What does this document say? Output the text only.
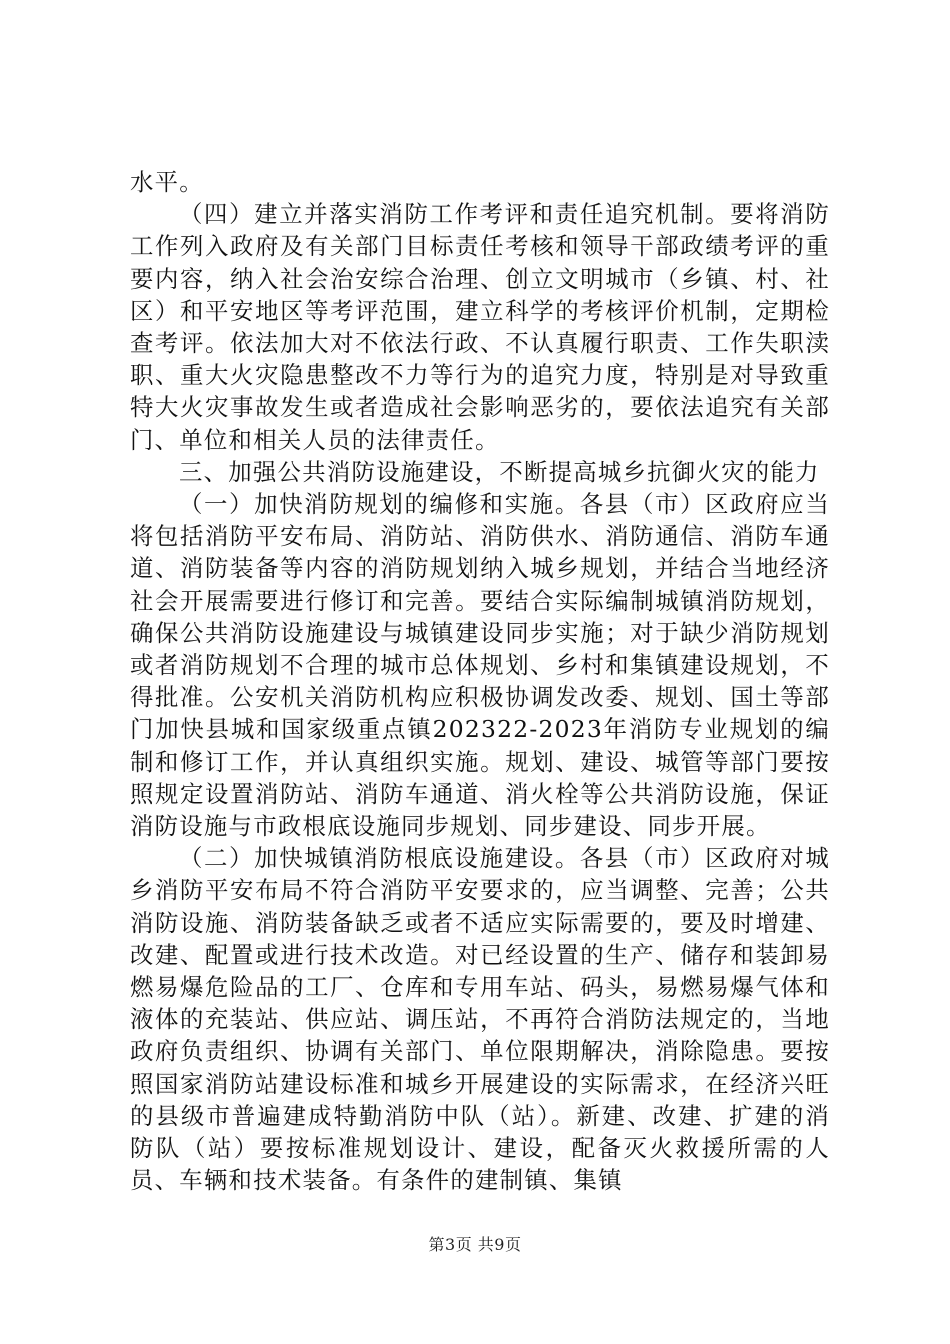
水平。

（四）建立并落实消防工作考评和责任追究机制。要将消防工作列入政府及有关部门目标责任考核和领导干部政绩考评的重要内容，纳入社会治安综合治理、创立文明城市（乡镇、村、社区）和平安地区等考评范围，建立科学的考核评价机制，定期检查考评。依法加大对不依法行政、不认真履行职责、工作失职渎职、重大火灾隐患整改不力等行为的追究力度，特别是对导致重特大火灾事故发生或者造成社会影响恶劣的，要依法追究有关部门、单位和相关人员的法律责任。

三、加强公共消防设施建设，不断提高城乡抗御火灾的能力

（一）加快消防规划的编修和实施。各县（市）区政府应当将包括消防平安布局、消防站、消防供水、消防通信、消防车通道、消防装备等内容的消防规划纳入城乡规划，并结合当地经济社会开展需要进行修订和完善。要结合实际编制城镇消防规划，确保公共消防设施建设与城镇建设同步实施；对于缺少消防规划或者消防规划不合理的城市总体规划、乡村和集镇建设规划，不得批准。公安机关消防机构应积极协调发改委、规划、国土等部门加快县城和国家级重点镇202322-2023年消防专业规划的编制和修订工作，并认真组织实施。规划、建设、城管等部门要按照规定设置消防站、消防车通道、消火栓等公共消防设施，保证消防设施与市政根底设施同步规划、同步建设、同步开展。

（二）加快城镇消防根底设施建设。各县（市）区政府对城乡消防平安布局不符合消防平安要求的，应当调整、完善；公共消防设施、消防装备缺乏或者不适应实际需要的，要及时增建、改建、配置或进行技术改造。对已经设置的生产、储存和装卸易燃易爆危险品的工厂、仓库和专用车站、码头，易燃易爆气体和液体的充装站、供应站、调压站，不再符合消防法规定的，当地政府负责组织、协调有关部门、单位限期解决，消除隐患。要按照国家消防站建设标准和城乡开展建设的实际需求，在经济兴旺的县级市普遍建成特勤消防中队（站）。新建、改建、扩建的消防队（站）要按标准规划设计、建设，配备灭火救援所需的人员、车辆和技术装备。有条件的建制镇、集镇

第3页 共9页
